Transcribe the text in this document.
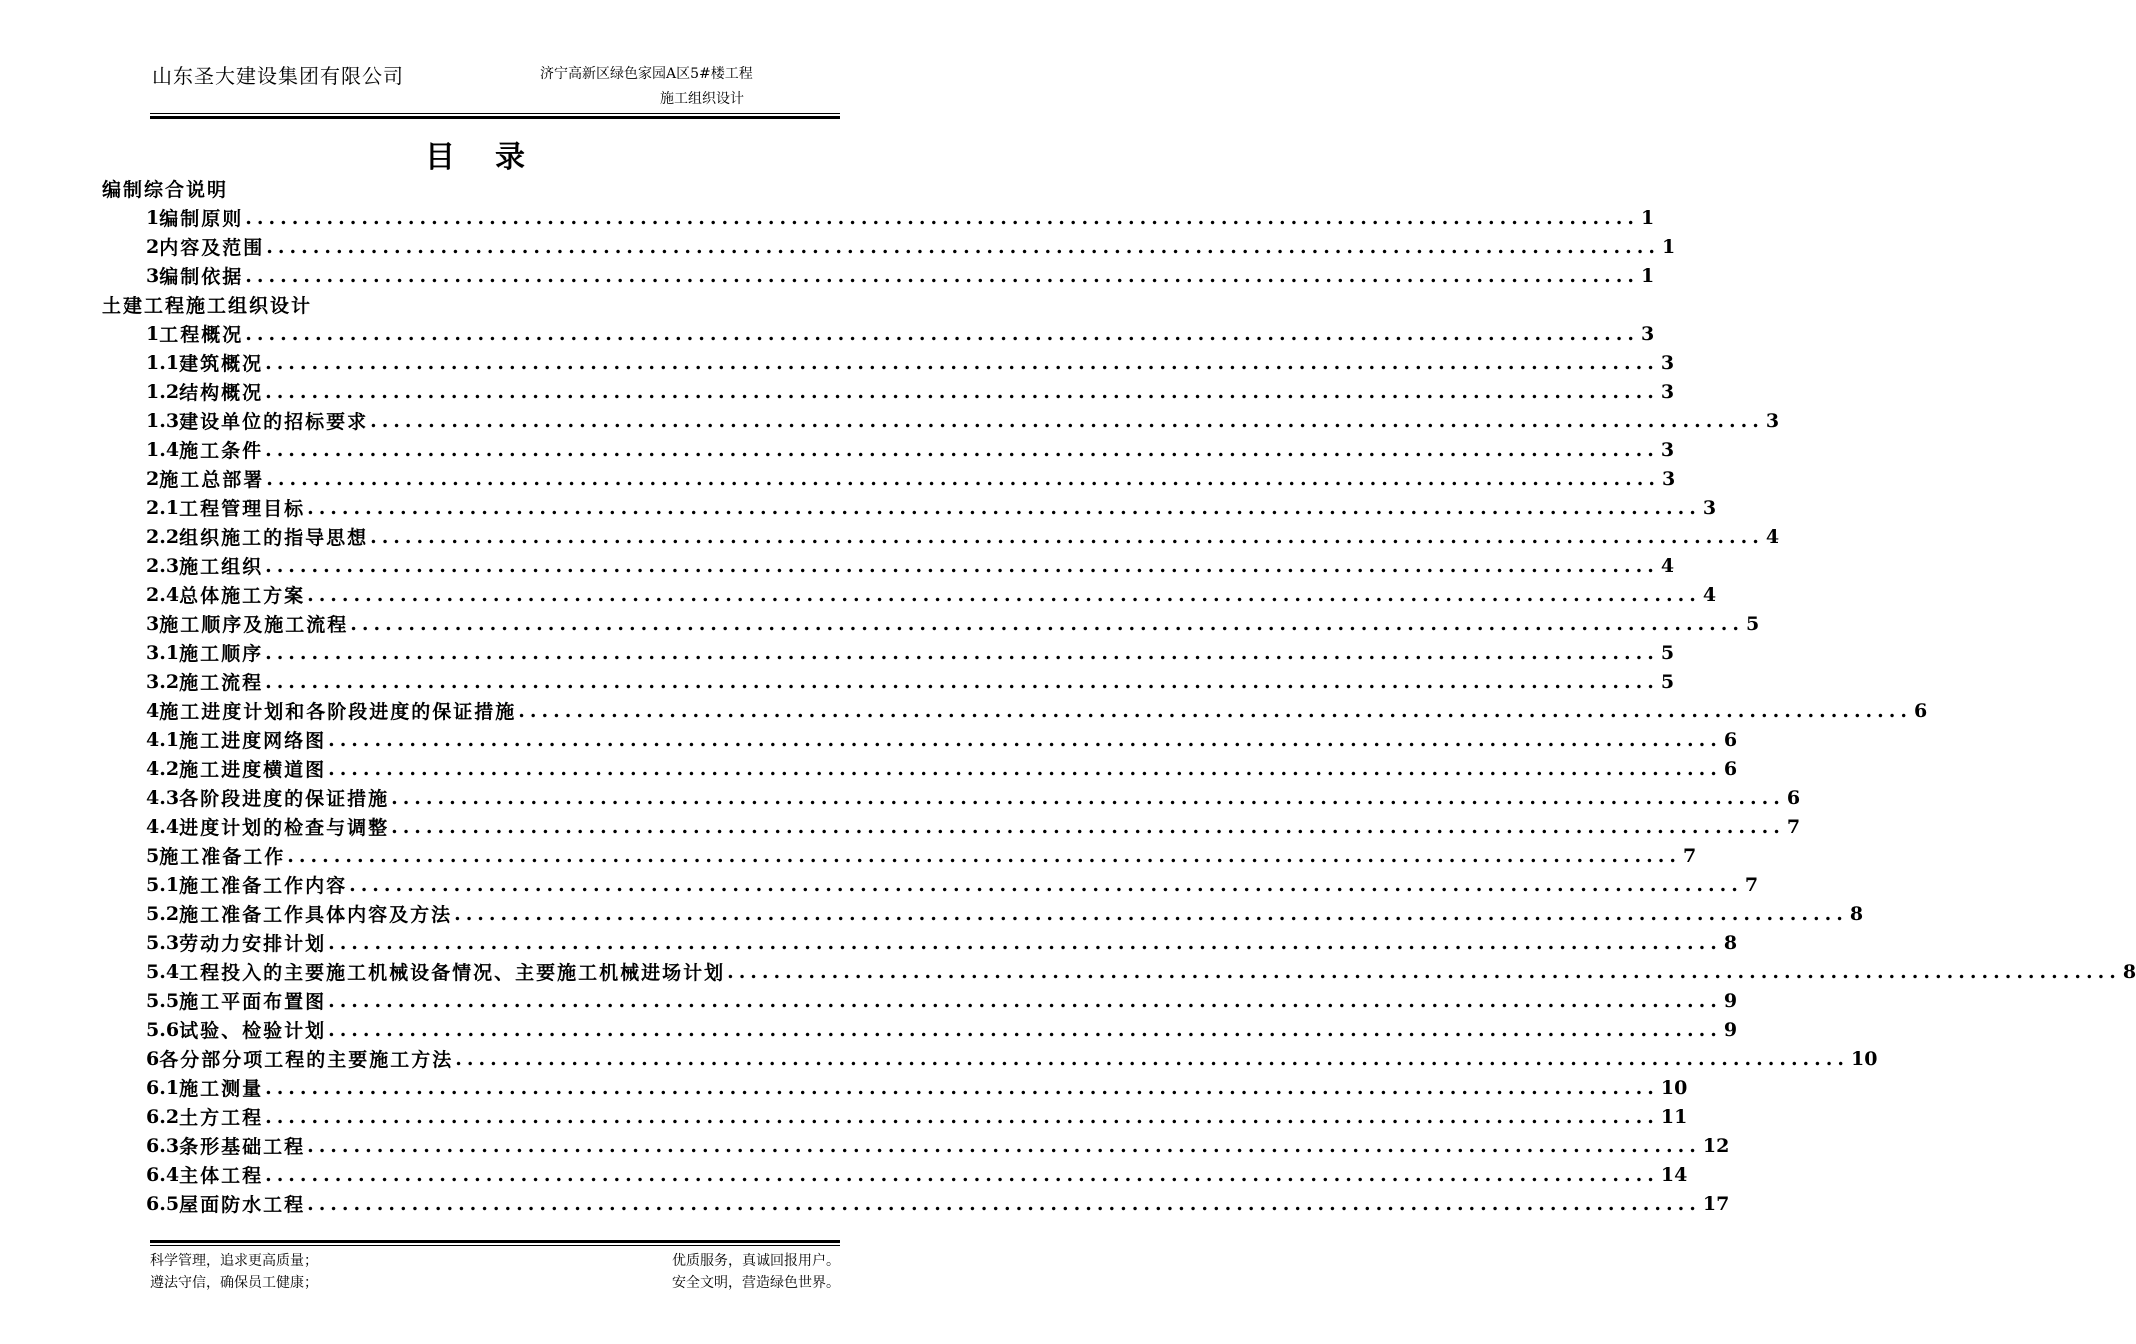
山东圣大建设集团有限公司	济宁高新区绿色家园A区5#楼工程
施工组织设计
目录
编制综合说明
1 编制原则 ........................................................................................................................ 1
2 内容及范围 ........................................................................................................................ 1
3 编制依据 ........................................................................................................................ 1
土建工程施工组织设计
1 工程概况 ........................................................................................................................ 3
1.1 建筑概况 ........................................................................................................................ 3
1.2 结构概况 ........................................................................................................................ 3
1.3 建设单位的招标要求 ........................................................................................................................ 3
1.4 施工条件 ........................................................................................................................ 3
2 施工总部署 ........................................................................................................................ 3
2.1 工程管理目标 ........................................................................................................................ 3
2.2 组织施工的指导思想 ........................................................................................................................ 4
2.3 施工组织 ........................................................................................................................ 4
2.4 总体施工方案 ........................................................................................................................ 4
3 施工顺序及施工流程 ........................................................................................................................ 5
3.1 施工顺序 ........................................................................................................................ 5
3.2 施工流程 ........................................................................................................................ 5
4 施工进度计划和各阶段进度的保证措施 ........................................................................................................................ 6
4.1 施工进度网络图 ........................................................................................................................ 6
4.2 施工进度横道图 ........................................................................................................................ 6
4.3 各阶段进度的保证措施 ........................................................................................................................ 6
4.4 进度计划的检查与调整 ........................................................................................................................ 7
5 施工准备工作 ........................................................................................................................ 7
5.1 施工准备工作内容 ........................................................................................................................ 7
5.2 施工准备工作具体内容及方法 ........................................................................................................................ 8
5.3 劳动力安排计划 ........................................................................................................................ 8
5.4 工程投入的主要施工机械设备情况、主要施工机械进场计划 ........................................................................................................................ 8
5.5 施工平面布置图 ........................................................................................................................ 9
5.6 试验、检验计划 ........................................................................................................................ 9
6 各分部分项工程的主要施工方法 ........................................................................................................................ 10
6.1 施工测量 ........................................................................................................................ 10
6.2 土方工程 ........................................................................................................................ 11
6.3 条形基础工程 ........................................................................................................................ 12
6.4 主体工程 ........................................................................................................................ 14
6.5 屋面防水工程 ........................................................................................................................ 17
科学管理，追求更高质量；
遵法守信，确保员工健康；
优质服务，真诚回报用户。
安全文明，营造绿色世界。
